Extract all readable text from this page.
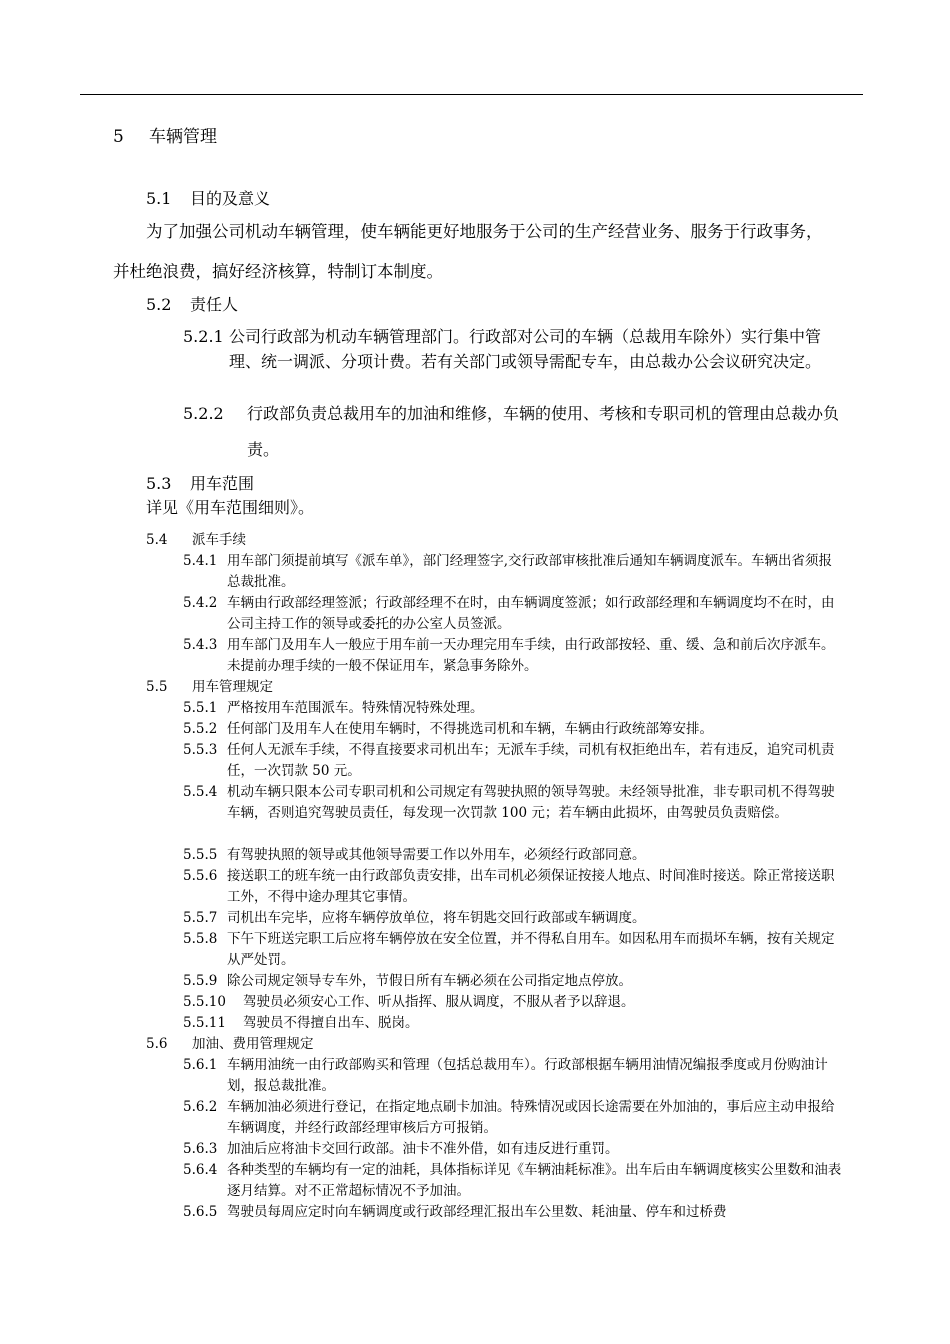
5 车辆管理
5.1 目的及意义

为了加强公司机动车辆管理，使车辆能更好地服务于公司的生产经营业务、服务于行政事务，并杜绝浪费，搞好经济核算，特制订本制度。

5.2 责任人

5.2.1 公司行政部为机动车辆管理部门。行政部对公司的车辆（总裁用车除外）实行集中管理、统一调派、分项计费。若有关部门或领导需配专车，由总裁办公会议研究决定。

5.2.2	行政部负责总裁用车的加油和维修，车辆的使用、考核和专职司机的管理由总裁办负责。

5.3 用车范围

详见《用车范围细则》。

5.4 派车手续

5.4.1 用车部门须提前填写《派车单》，部门经理签字,交行政部审核批准后通知车辆调度派车。车辆出省须报总裁批准。

5.4.2 车辆由行政部经理签派；行政部经理不在时，由车辆调度签派；如行政部经理和车辆调度均不在时，由公司主持工作的领导或委托的办公室人员签派。

5.4.3 用车部门及用车人一般应于用车前一天办理完用车手续，由行政部按轻、重、缓、急和前后次序派车。未提前办理手续的一般不保证用车，紧急事务除外。

5.5 用车管理规定

5.5.1 严格按用车范围派车。特殊情况特殊处理。

5.5.2 任何部门及用车人在使用车辆时，不得挑选司机和车辆，车辆由行政统部筹安排。

5.5.3 任何人无派车手续，不得直接要求司机出车；无派车手续，司机有权拒绝出车，若有违反，追究司机责任，一次罚款 50 元。

5.5.4 机动车辆只限本公司专职司机和公司规定有驾驶执照的领导驾驶。未经领导批准，非专职司机不得驾驶车辆，否则追究驾驶员责任，每发现一次罚款 100 元；若车辆由此损坏，由驾驶员负责赔偿。

5.5.5 有驾驶执照的领导或其他领导需要工作以外用车，必须经行政部同意。

5.5.6 接送职工的班车统一由行政部负责安排，出车司机必须保证按接人地点、时间准时接送。除正常接送职工外，不得中途办理其它事情。

5.5.7 司机出车完毕，应将车辆停放单位，将车钥匙交回行政部或车辆调度。

5.5.8 下午下班送完职工后应将车辆停放在安全位置，并不得私自用车。如因私用车而损坏车辆，按有关规定从严处罚。

5.5.9 除公司规定领导专车外，节假日所有车辆必须在公司指定地点停放。

5.5.10	驾驶员必须安心工作、听从指挥、服从调度，不服从者予以辞退。

5.5.11	驾驶员不得擅自出车、脱岗。

5.6 加油、费用管理规定

5.6.1 车辆用油统一由行政部购买和管理（包括总裁用车）。行政部根据车辆用油情况编报季度或月份购油计划，报总裁批准。

5.6.2 车辆加油必须进行登记，在指定地点刷卡加油。特殊情况或因长途需要在外加油的，事后应主动申报给车辆调度，并经行政部经理审核后方可报销。

5.6.3 加油后应将油卡交回行政部。油卡不准外借，如有违反进行重罚。

5.6.4 各种类型的车辆均有一定的油耗，具体指标详见《车辆油耗标准》。出车后由车辆调度核实公里数和油表逐月结算。对不正常超标情况不予加油。

5.6.5 驾驶员每周应定时向车辆调度或行政部经理汇报出车公里数、耗油量、停车和过桥费
